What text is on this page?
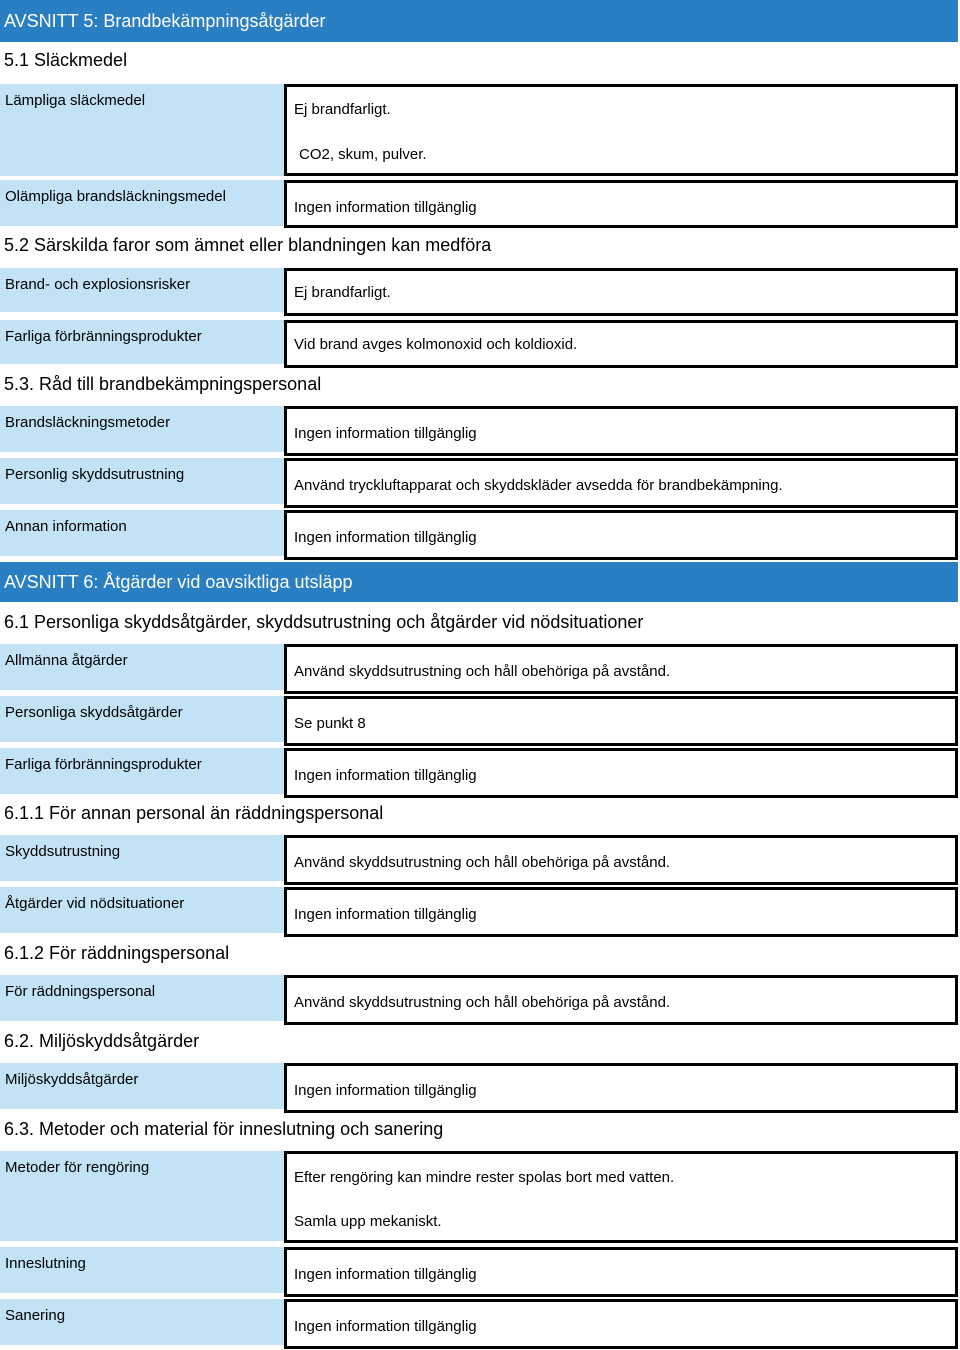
AVSNITT 5: Brandbekämpningsåtgärder
5.1 Släckmedel
Lämpliga släckmedel
Ej brandfarligt.
CO2, skum, pulver.
Olämpliga brandsläckningsmedel
Ingen information tillgänglig
5.2 Särskilda faror som ämnet eller blandningen kan medföra
Brand- och explosionsrisker	Ej brandfarligt.
Farliga förbränningsprodukter	Vid brand avges kolmonoxid och koldioxid.
5.3. Råd till brandbekämpningspersonal
Brandsläckningsmetoder
Ingen information tillgänglig
Personlig skyddsutrustning
Använd tryckluftapparat och skyddskläder avsedda för brandbekämpning.
Annan information
Ingen information tillgänglig
AVSNITT 6: Åtgärder vid oavsiktliga utsläpp
6.1 Personliga skyddsåtgärder, skyddsutrustning och åtgärder vid nödsituationer
Allmänna åtgärder
Använd skyddsutrustning och håll obehöriga på avstånd.
Personliga skyddsåtgärder
Se punkt 8
Farliga förbränningsprodukter
Ingen information tillgänglig
6.1.1 För annan personal än räddningspersonal
Skyddsutrustning
Använd skyddsutrustning och håll obehöriga på avstånd.
Åtgärder vid nödsituationer
Ingen information tillgänglig
6.1.2 För räddningspersonal
För räddningspersonal
Använd skyddsutrustning och håll obehöriga på avstånd.
6.2. Miljöskyddsåtgärder
Miljöskyddsåtgärder
Ingen information tillgänglig
6.3. Metoder och material för inneslutning och sanering
Metoder för rengöring
Efter rengöring kan mindre rester spolas bort med vatten.
Samla upp mekaniskt.
Inneslutning
Ingen information tillgänglig
Sanering
Ingen information tillgänglig
